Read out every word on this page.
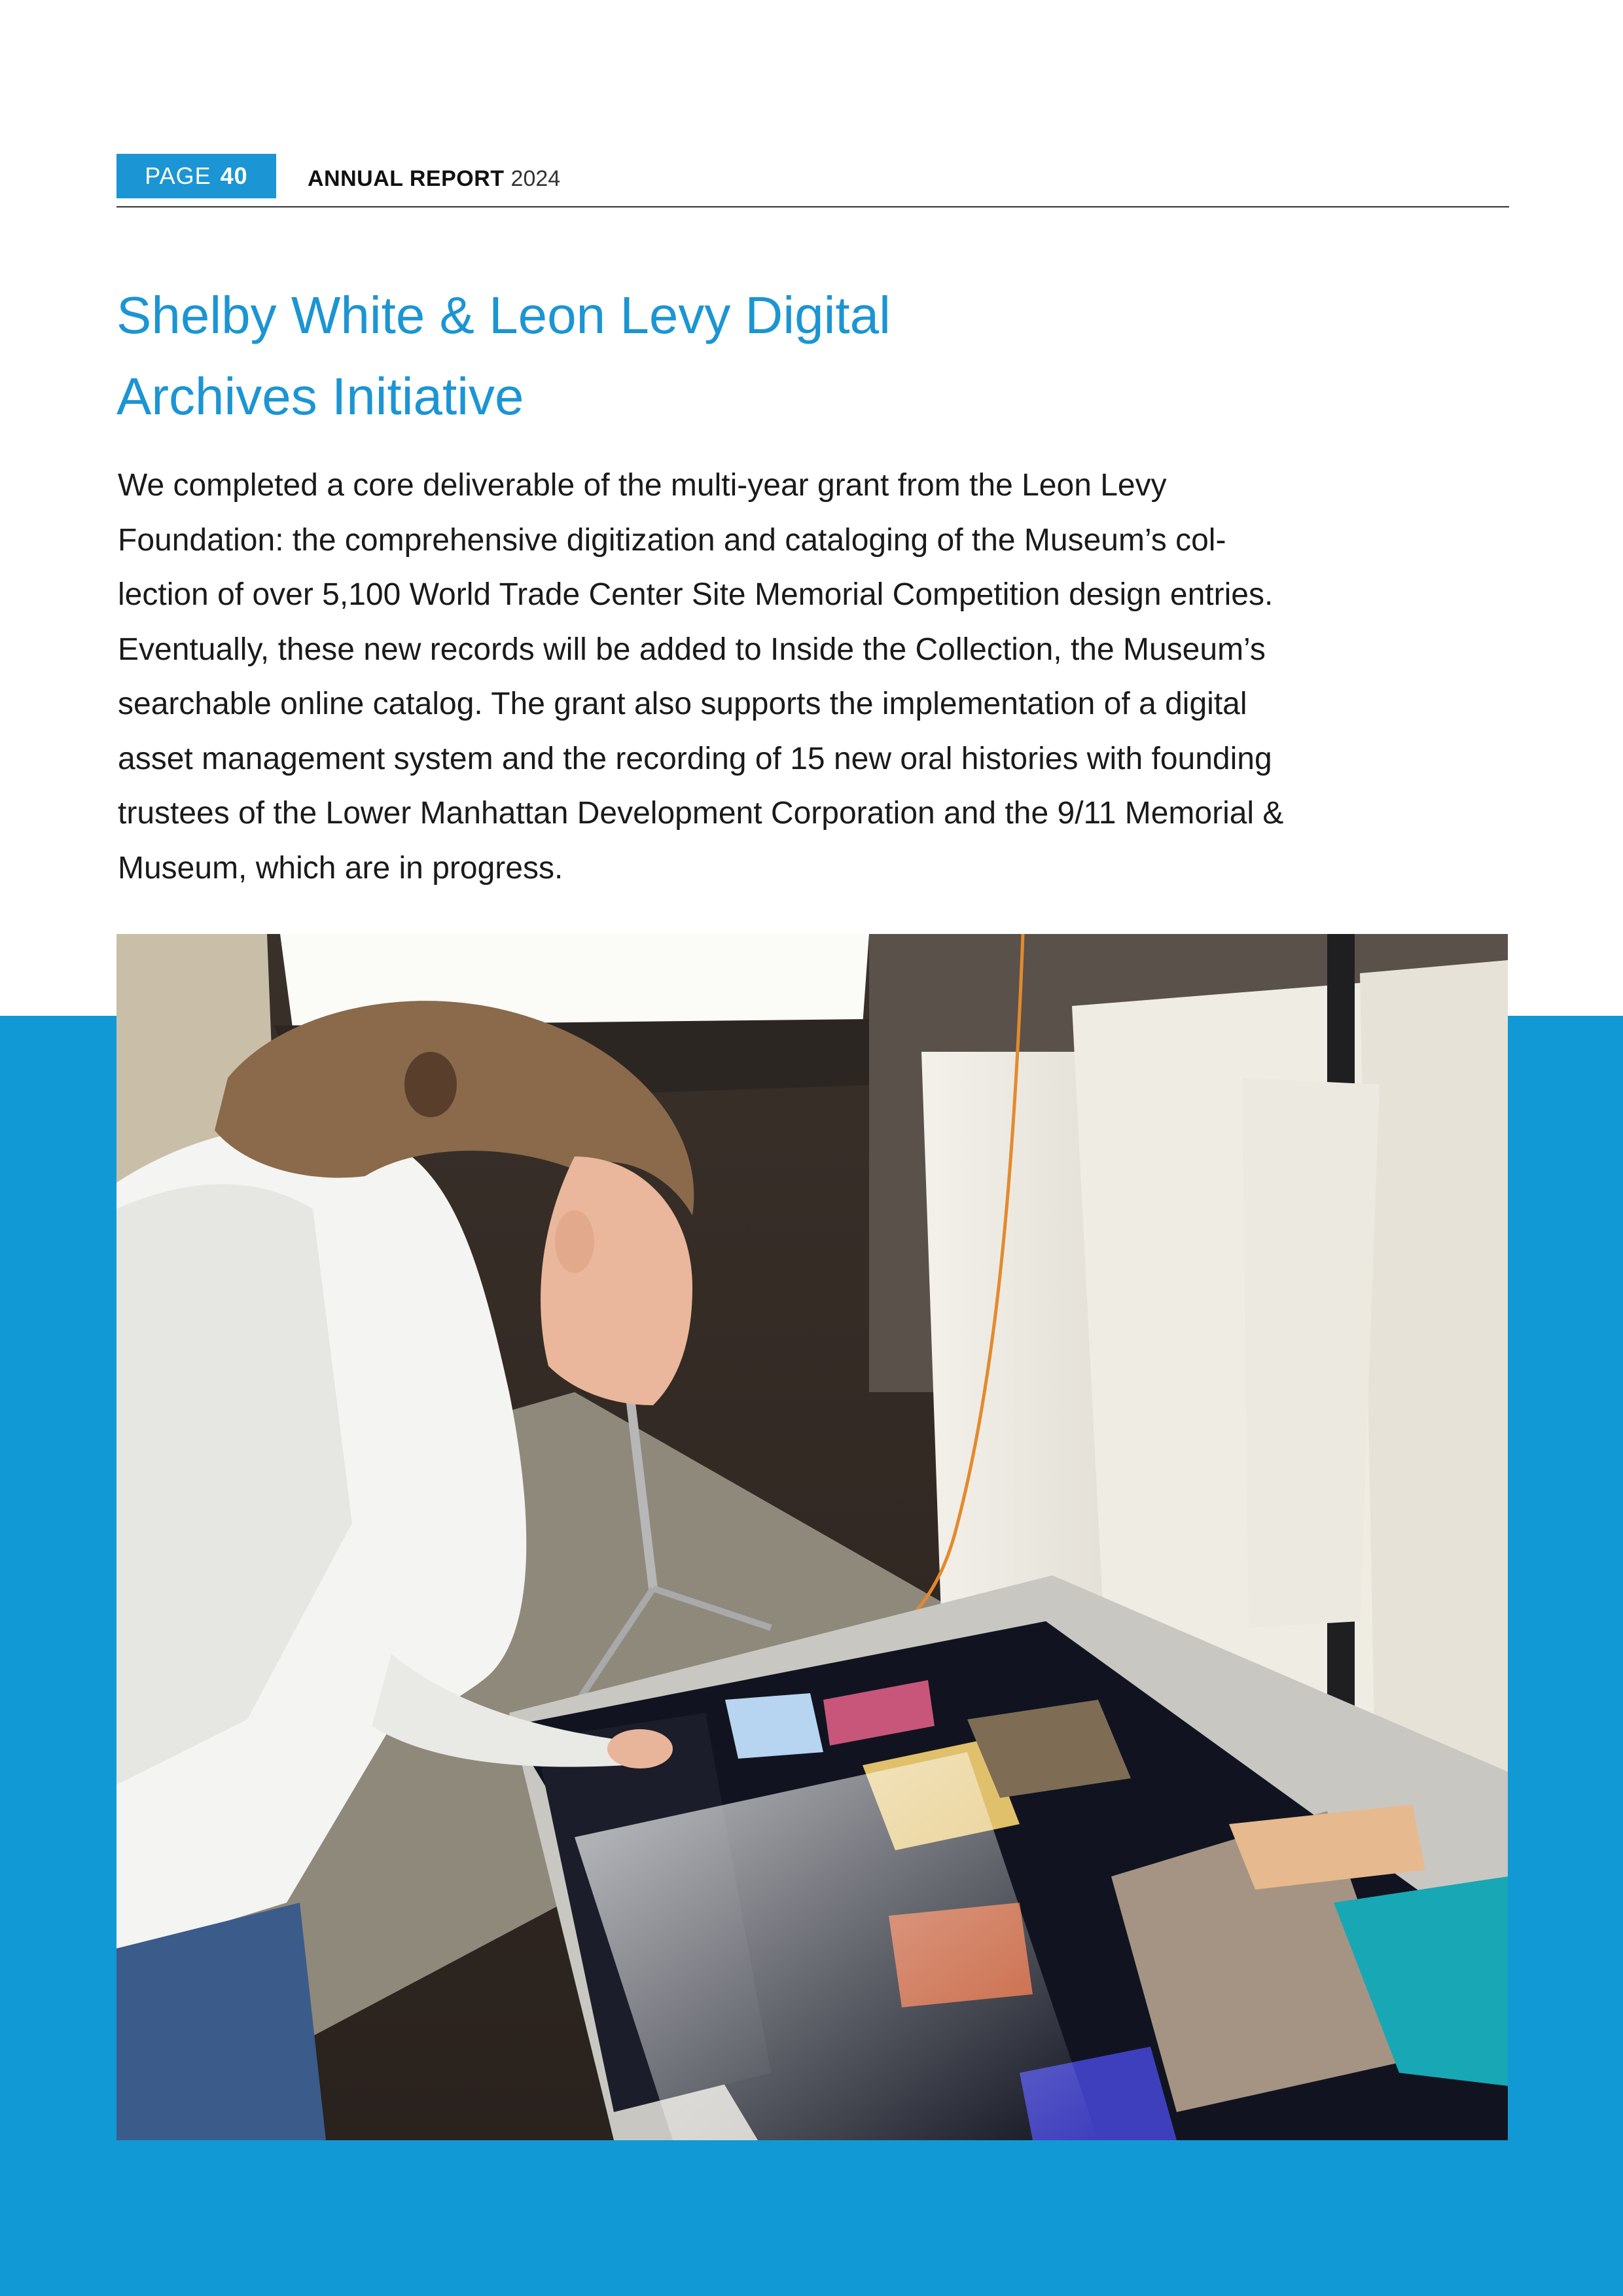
PAGE 40	ANNUAL REPORT 2024
Shelby White & Leon Levy Digital
Archives Initiative

We completed a core deliverable of the multi-year grant from the Leon Levy
Foundation: the comprehensive digitization and cataloging of the Museum’s col-
lection of over 5,100 World Trade Center Site Memorial Competition design entries.
Eventually, these new records will be added to Inside the Collection, the Museum’s
searchable online catalog. The grant also supports the implementation of a digital
asset management system and the recording of 15 new oral histories with founding
trustees of the Lower Manhattan Development Corporation and the 9/11 Memorial &
Museum, which are in progress.
